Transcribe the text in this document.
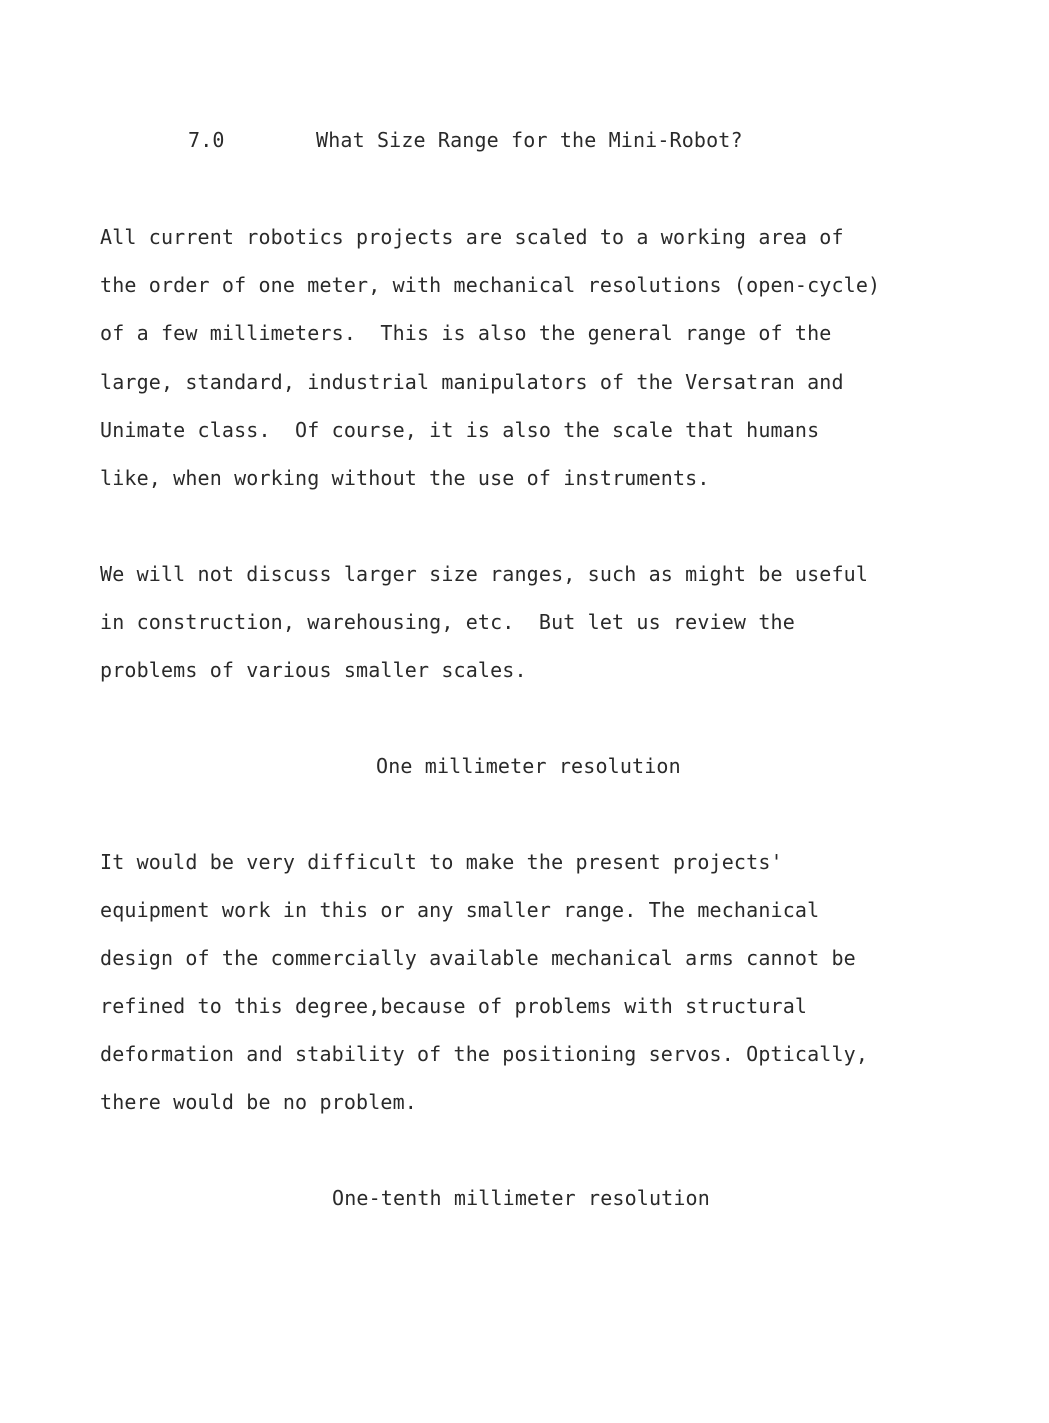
7.0	What Size Range for the Mini-Robot?
All current robotics projects are scaled to a working area of
the order of one meter, with mechanical resolutions (open-cycle)
of a few millimeters.  This is also the general range of the
large, standard, industrial manipulators of the Versatran and
Unimate class.  Of course, it is also the scale that humans
like, when working without the use of instruments.
We will not discuss larger size ranges, such as might be useful
in construction, warehousing, etc.  But let us review the
problems of various smaller scales.
One millimeter resolution
It would be very difficult to make the present projects'
equipment work in this or any smaller range. The mechanical
design of the commercially available mechanical arms cannot be
refined to this degree,because of problems with structural
deformation and stability of the positioning servos. Optically,
there would be no problem.
One-tenth millimeter resolution
